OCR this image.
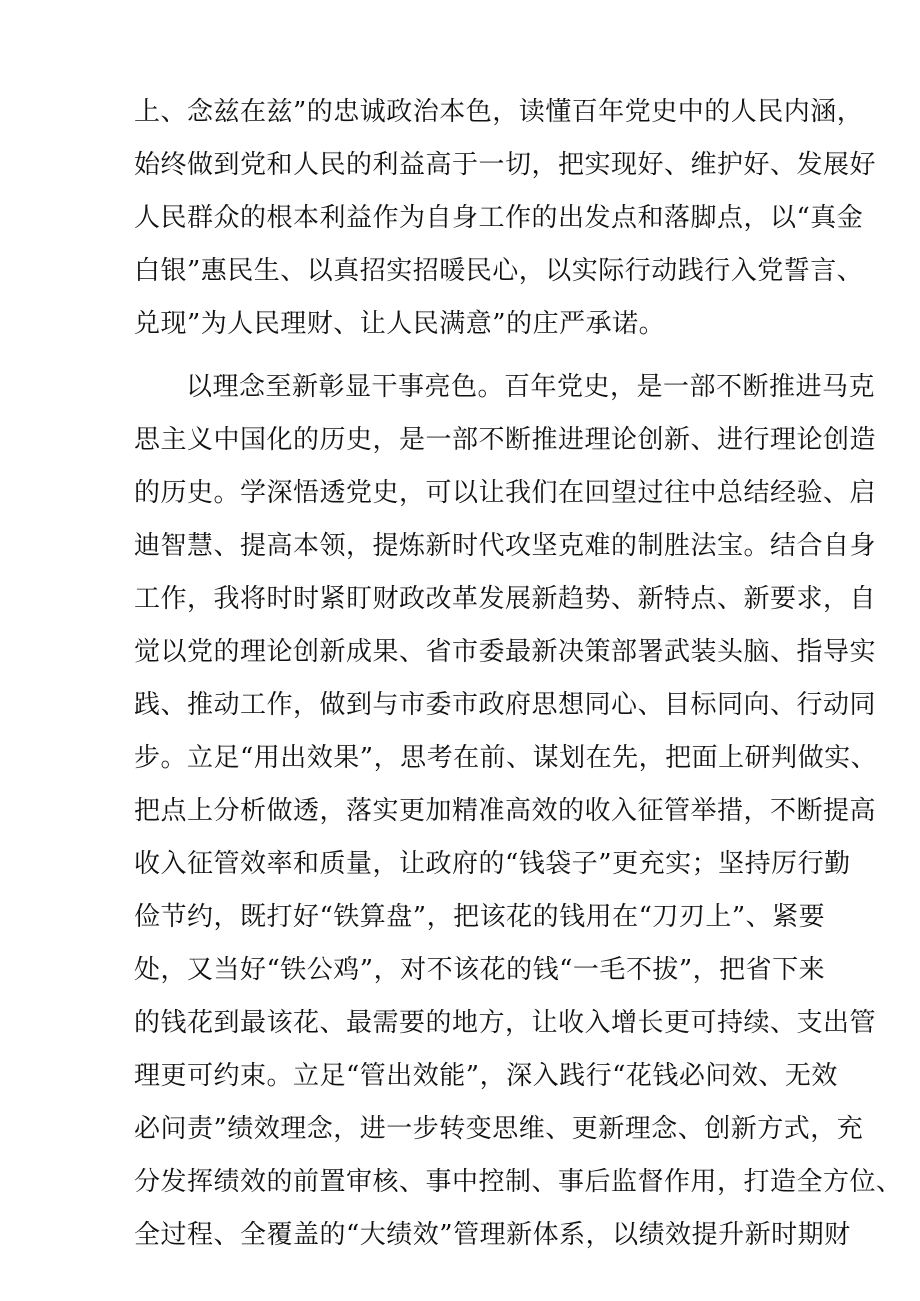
上、念兹在兹”的忠诚政治本色，读懂百年党史中的人民内涵，
始终做到党和人民的利益高于一切，把实现好、维护好、发展好
人民群众的根本利益作为自身工作的出发点和落脚点，以“真金
白银”惠民生、以真招实招暖民心，以实际行动践行入党誓言、
兑现”为人民理财、让人民满意”的庄严承诺。
以理念至新彰显干事亮色。百年党史，是一部不断推进马克
思主义中国化的历史，是一部不断推进理论创新、进行理论创造
的历史。学深悟透党史，可以让我们在回望过往中总结经验、启
迪智慧、提高本领，提炼新时代攻坚克难的制胜法宝。结合自身
工作，我将时时紧盯财政改革发展新趋势、新特点、新要求，自
觉以党的理论创新成果、省市委最新决策部署武装头脑、指导实
践、推动工作，做到与市委市政府思想同心、目标同向、行动同
步。立足“用出效果”，思考在前、谋划在先，把面上研判做实、
把点上分析做透，落实更加精准高效的收入征管举措，不断提高
收入征管效率和质量，让政府的“钱袋子”更充实；坚持厉行勤
俭节约，既打好“铁算盘”，把该花的钱用在“刀刃上”、紧要
处，又当好“铁公鸡”，对不该花的钱“一毛不拔”，把省下来
的钱花到最该花、最需要的地方，让收入增长更可持续、支出管
理更可约束。立足“管出效能”，深入践行“花钱必问效、无效
必问责”绩效理念，进一步转变思维、更新理念、创新方式，充
分发挥绩效的前置审核、事中控制、事后监督作用，打造全方位、
全过程、全覆盖的“大绩效”管理新体系，以绩效提升新时期财
